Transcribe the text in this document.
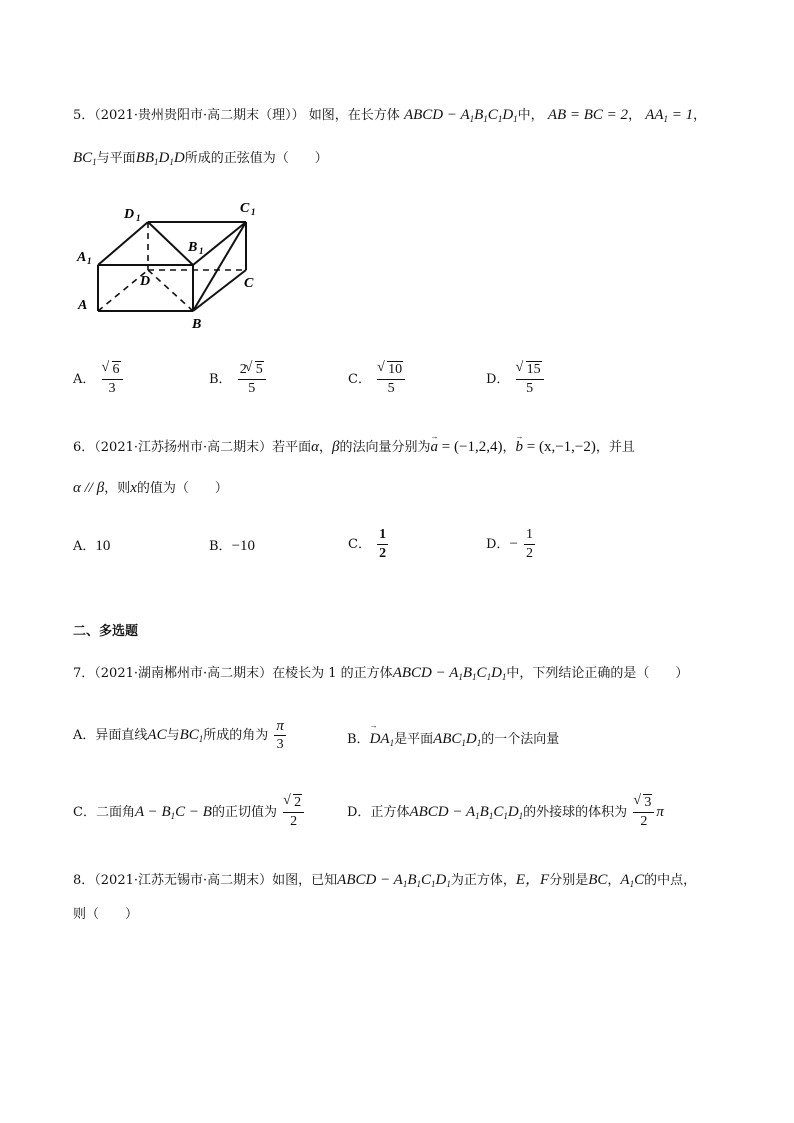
5．（2021·贵州贵阳市·高二期末（理）） 如图，在长方体 ABCD − $A_1B_1C_1D_1$中， AB = BC = 2， $AA_1 = 1$，
$BC_1$与平面$BB_1D_1D$所成的正弦值为（　　）
D 1
C 1
A 1
B 1
D	C
A
B
A． √ $\frac{6}{3}$	B． $\frac{2 √ 5}{5}$	C． √ $\frac{10}{5}$	D． √ $\frac{15}{5}$
6．（2021·江苏扬州市·高二期末）若平面α，β的法向量分别为→ a = (−1,2,4)，→ b = (x,−1,−2)，并且
α // β，则x的值为（　　）
A．10	B．−10	C． $\frac{1}{2}$	D．− $\frac{1}{2}$
二、多选题
7．（2021·湖南郴州市·高二期末）在棱长为 1 的正方体ABCD − $A_1B_1C_1D_1$中，下列结论正确的是（　　）
A．异面直线AC与$BC_1$所成的角为 $\frac{\pi}{3}$	B．→ $DA_1$是平面$ABC_1D_1$的一个法向量
C．二面角$A - B_1C - B$的正切值为 √ $\frac{2}{2}$	D．正方体ABCD − $A_1B_1C_1D_1$的外接球的体积为 √ $\frac{3}{2}$ π
8．（2021·江苏无锡市·高二期末）如图，已知ABCD − $A_1B_1C_1D_1$为正方体，E，F分别是BC，$A_1C$的中点，
则（　　）
